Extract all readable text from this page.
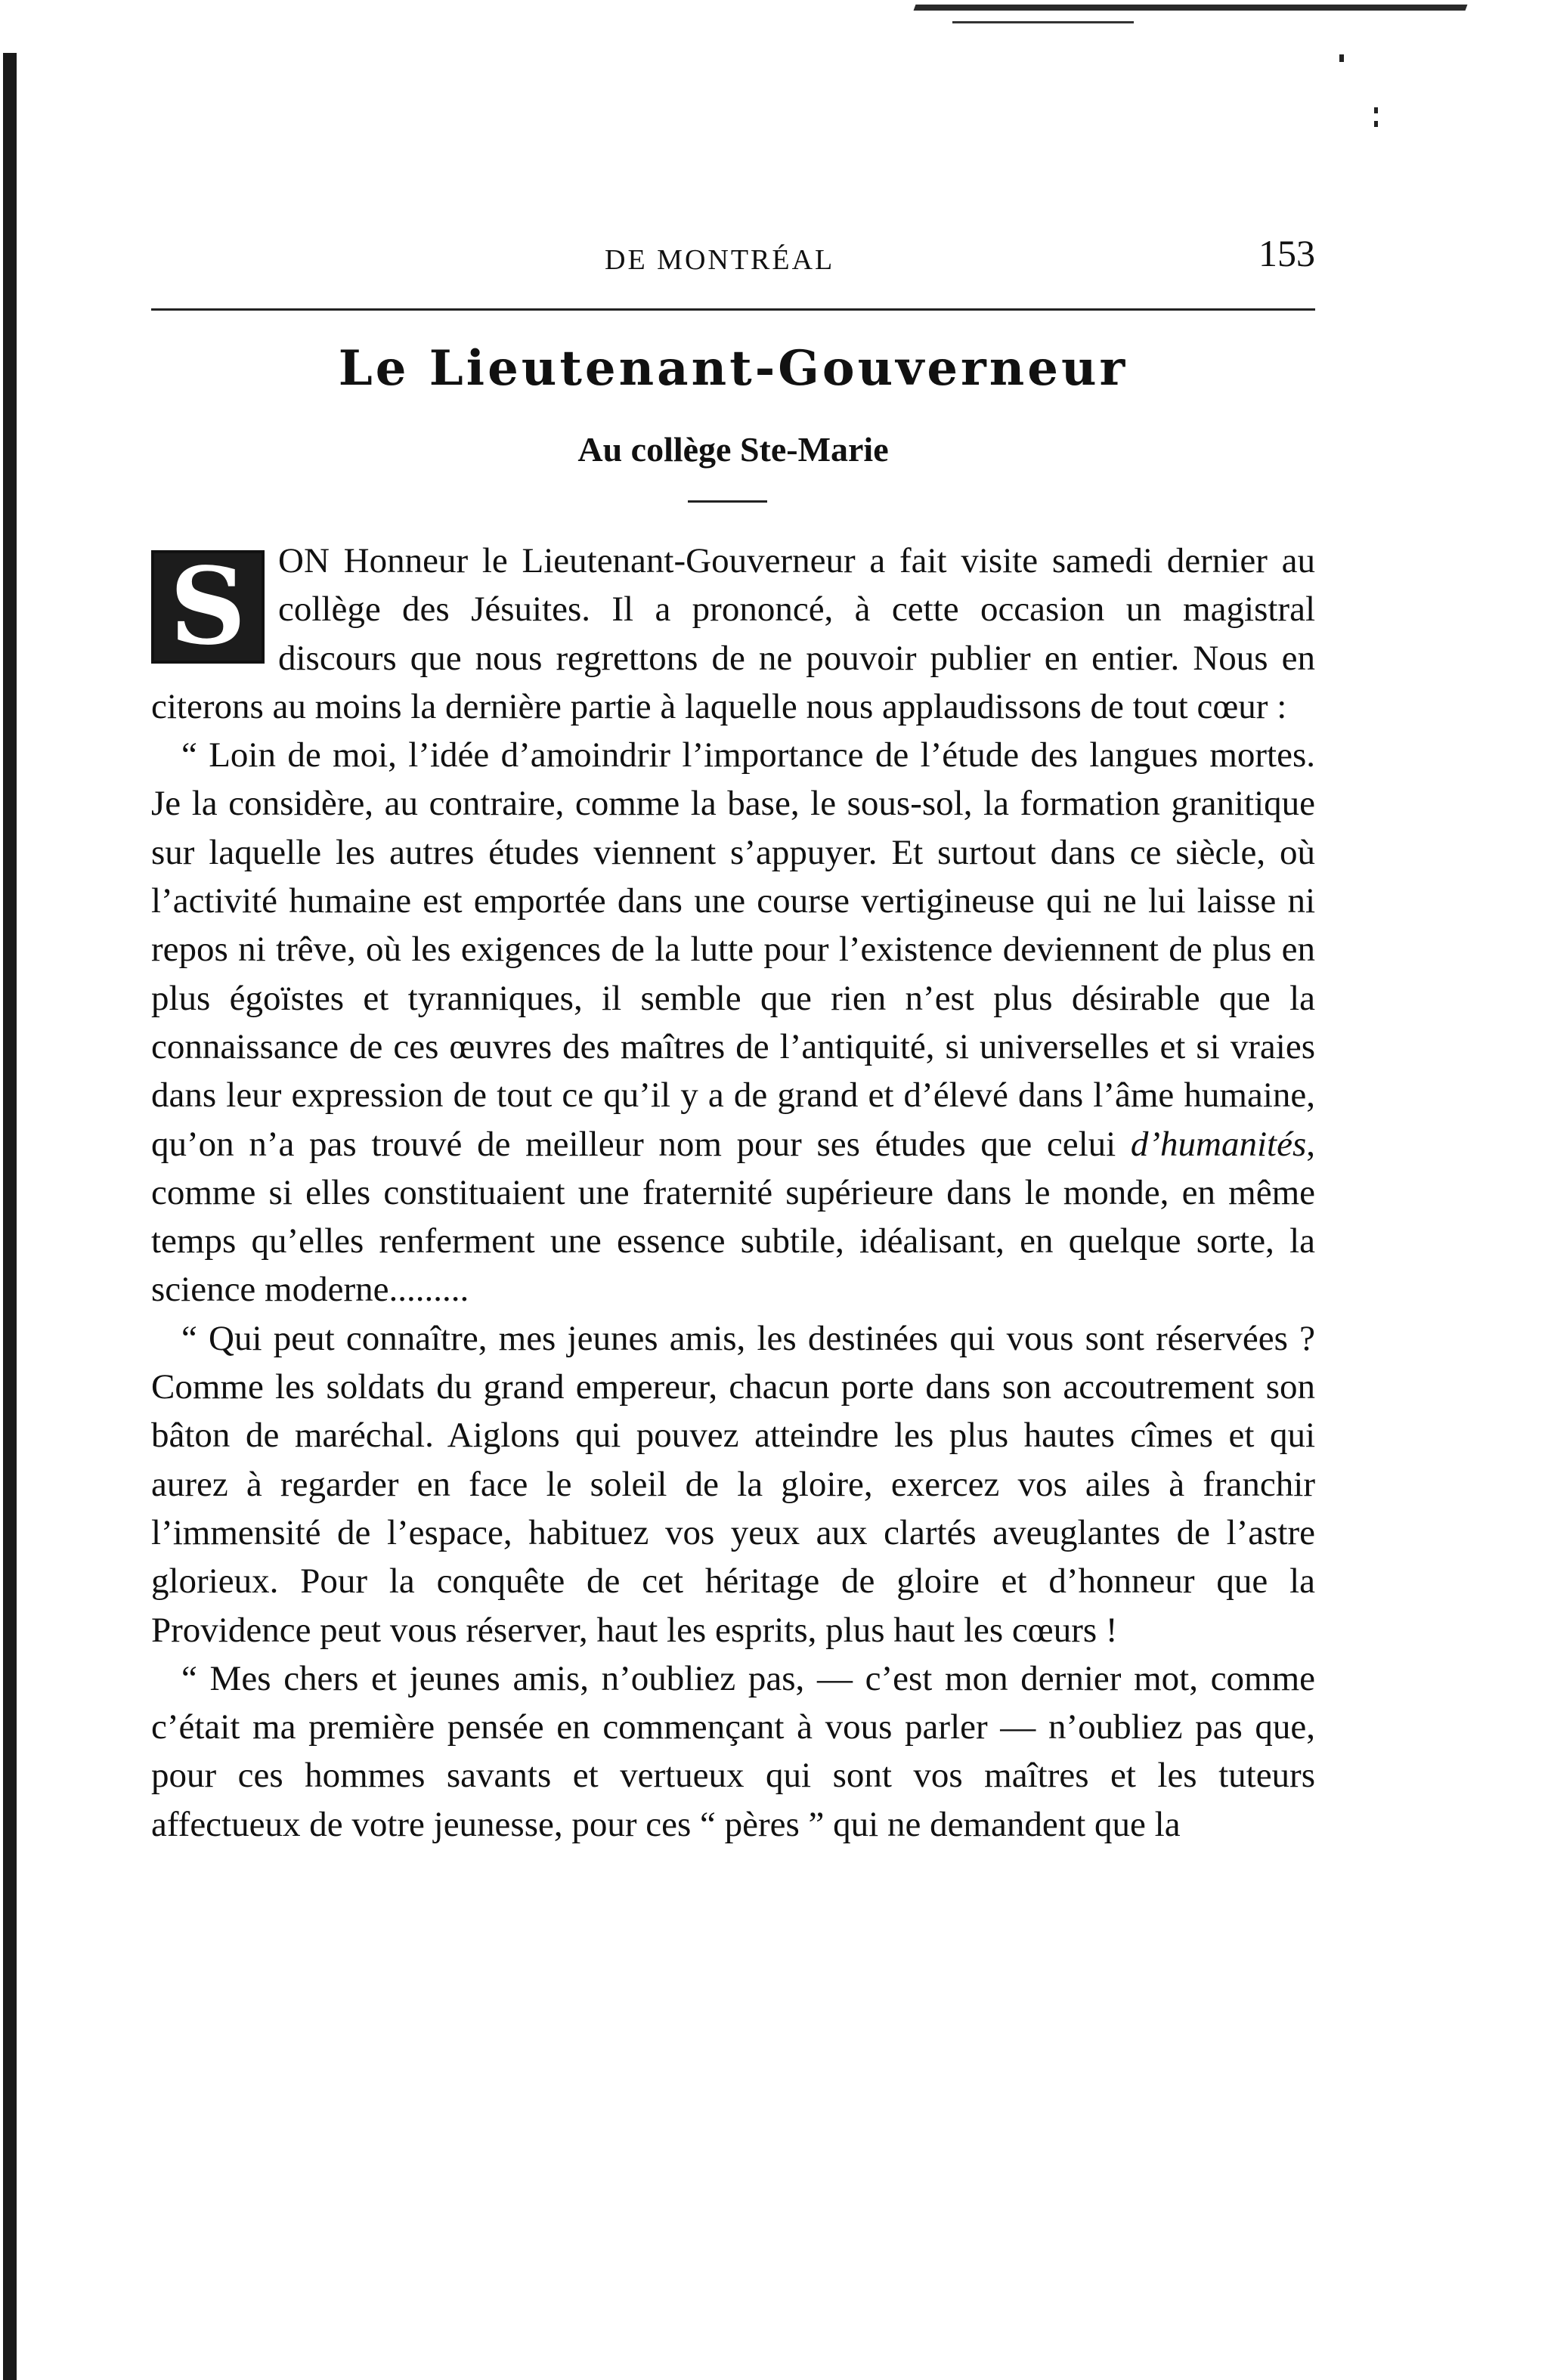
DE MONTRÉAL	153
Le Lieutenant-Gouverneur
Au collège Ste-Marie
S ON Honneur le Lieutenant-Gouverneur a fait visite samedi dernier au collège des Jésuites. Il a prononcé, à cette occasion un magistral discours que nous regrettons de ne pouvoir publier en entier. Nous en citerons au moins la dernière partie à laquelle nous applaudissons de tout cœur :

“ Loin de moi, l’idée d’amoindrir l’importance de l’étude des langues mortes. Je la considère, au contraire, comme la base, le sous-sol, la formation granitique sur laquelle les autres études viennent s’appuyer. Et surtout dans ce siècle, où l’activité humaine est emportée dans une course vertigineuse qui ne lui laisse ni repos ni trêve, où les exigences de la lutte pour l’existence deviennent de plus en plus égoïstes et tyranniques, il semble que rien n’est plus désirable que la connaissance de ces œuvres des maîtres de l’antiquité, si universelles et si vraies dans leur expression de tout ce qu’il y a de grand et d’élevé dans l’âme humaine, qu’on n’a pas trouvé de meilleur nom pour ses études que celui d’humanités, comme si elles constituaient une fraternité supérieure dans le monde, en même temps qu’elles renferment une essence subtile, idéalisant, en quelque sorte, la science moderne.........

“ Qui peut connaître, mes jeunes amis, les destinées qui vous sont réservées ? Comme les soldats du grand empereur, chacun porte dans son accoutrement son bâton de maréchal. Aiglons qui pouvez atteindre les plus hautes cîmes et qui aurez à regarder en face le soleil de la gloire, exercez vos ailes à franchir l’immensité de l’espace, habituez vos yeux aux clartés aveuglantes de l’astre glorieux. Pour la conquête de cet héritage de gloire et d’honneur que la Providence peut vous réserver, haut les esprits, plus haut les cœurs !

“ Mes chers et jeunes amis, n’oubliez pas, — c’est mon dernier mot, comme c’était ma première pensée en commençant à vous parler — n’oubliez pas que, pour ces hommes savants et vertueux qui sont vos maîtres et les tuteurs affectueux de votre jeunesse, pour ces “ pères ” qui ne demandent que la
